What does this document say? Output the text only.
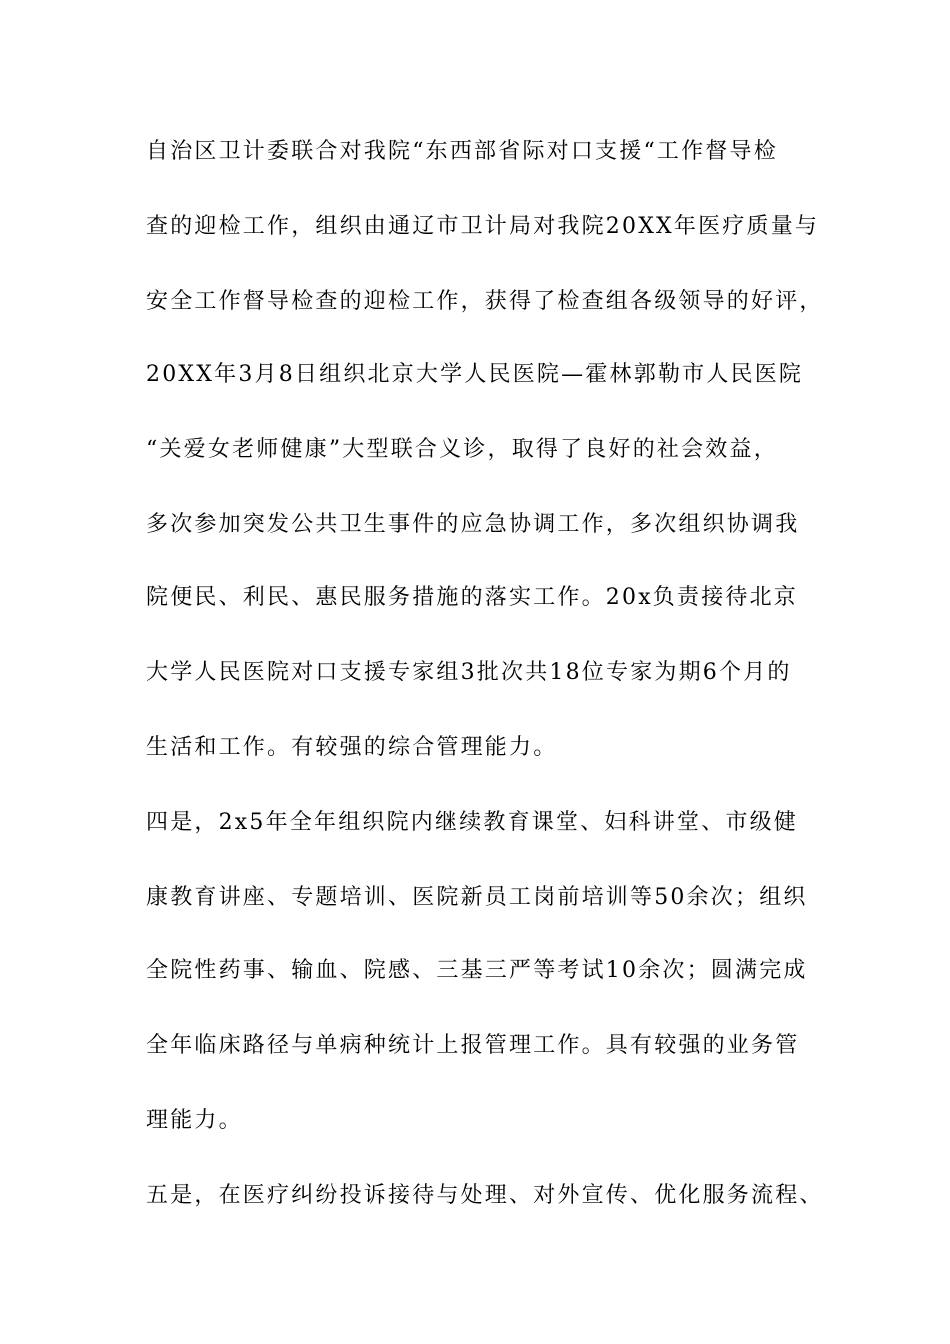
自治区卫计委联合对我院“东西部省际对口支援“工作督导检
查的迎检工作，组织由通辽市卫计局对我院20XX年医疗质量与
安全工作督导检查的迎检工作，获得了检查组各级领导的好评，
20XX年3月8日组织北京大学人民医院—霍林郭勒市人民医院
“关爱女老师健康”大型联合义诊，取得了良好的社会效益，
多次参加突发公共卫生事件的应急协调工作，多次组织协调我
院便民、利民、惠民服务措施的落实工作。20x负责接待北京
大学人民医院对口支援专家组3批次共18位专家为期6个月的
生活和工作。有较强的综合管理能力。
四是，2x5年全年组织院内继续教育课堂、妇科讲堂、市级健
康教育讲座、专题培训、医院新员工岗前培训等50余次；组织
全院性药事、输血、院感、三基三严等考试10余次；圆满完成
全年临床路径与单病种统计上报管理工作。具有较强的业务管
理能力。
五是，在医疗纠纷投诉接待与处理、对外宣传、优化服务流程、
